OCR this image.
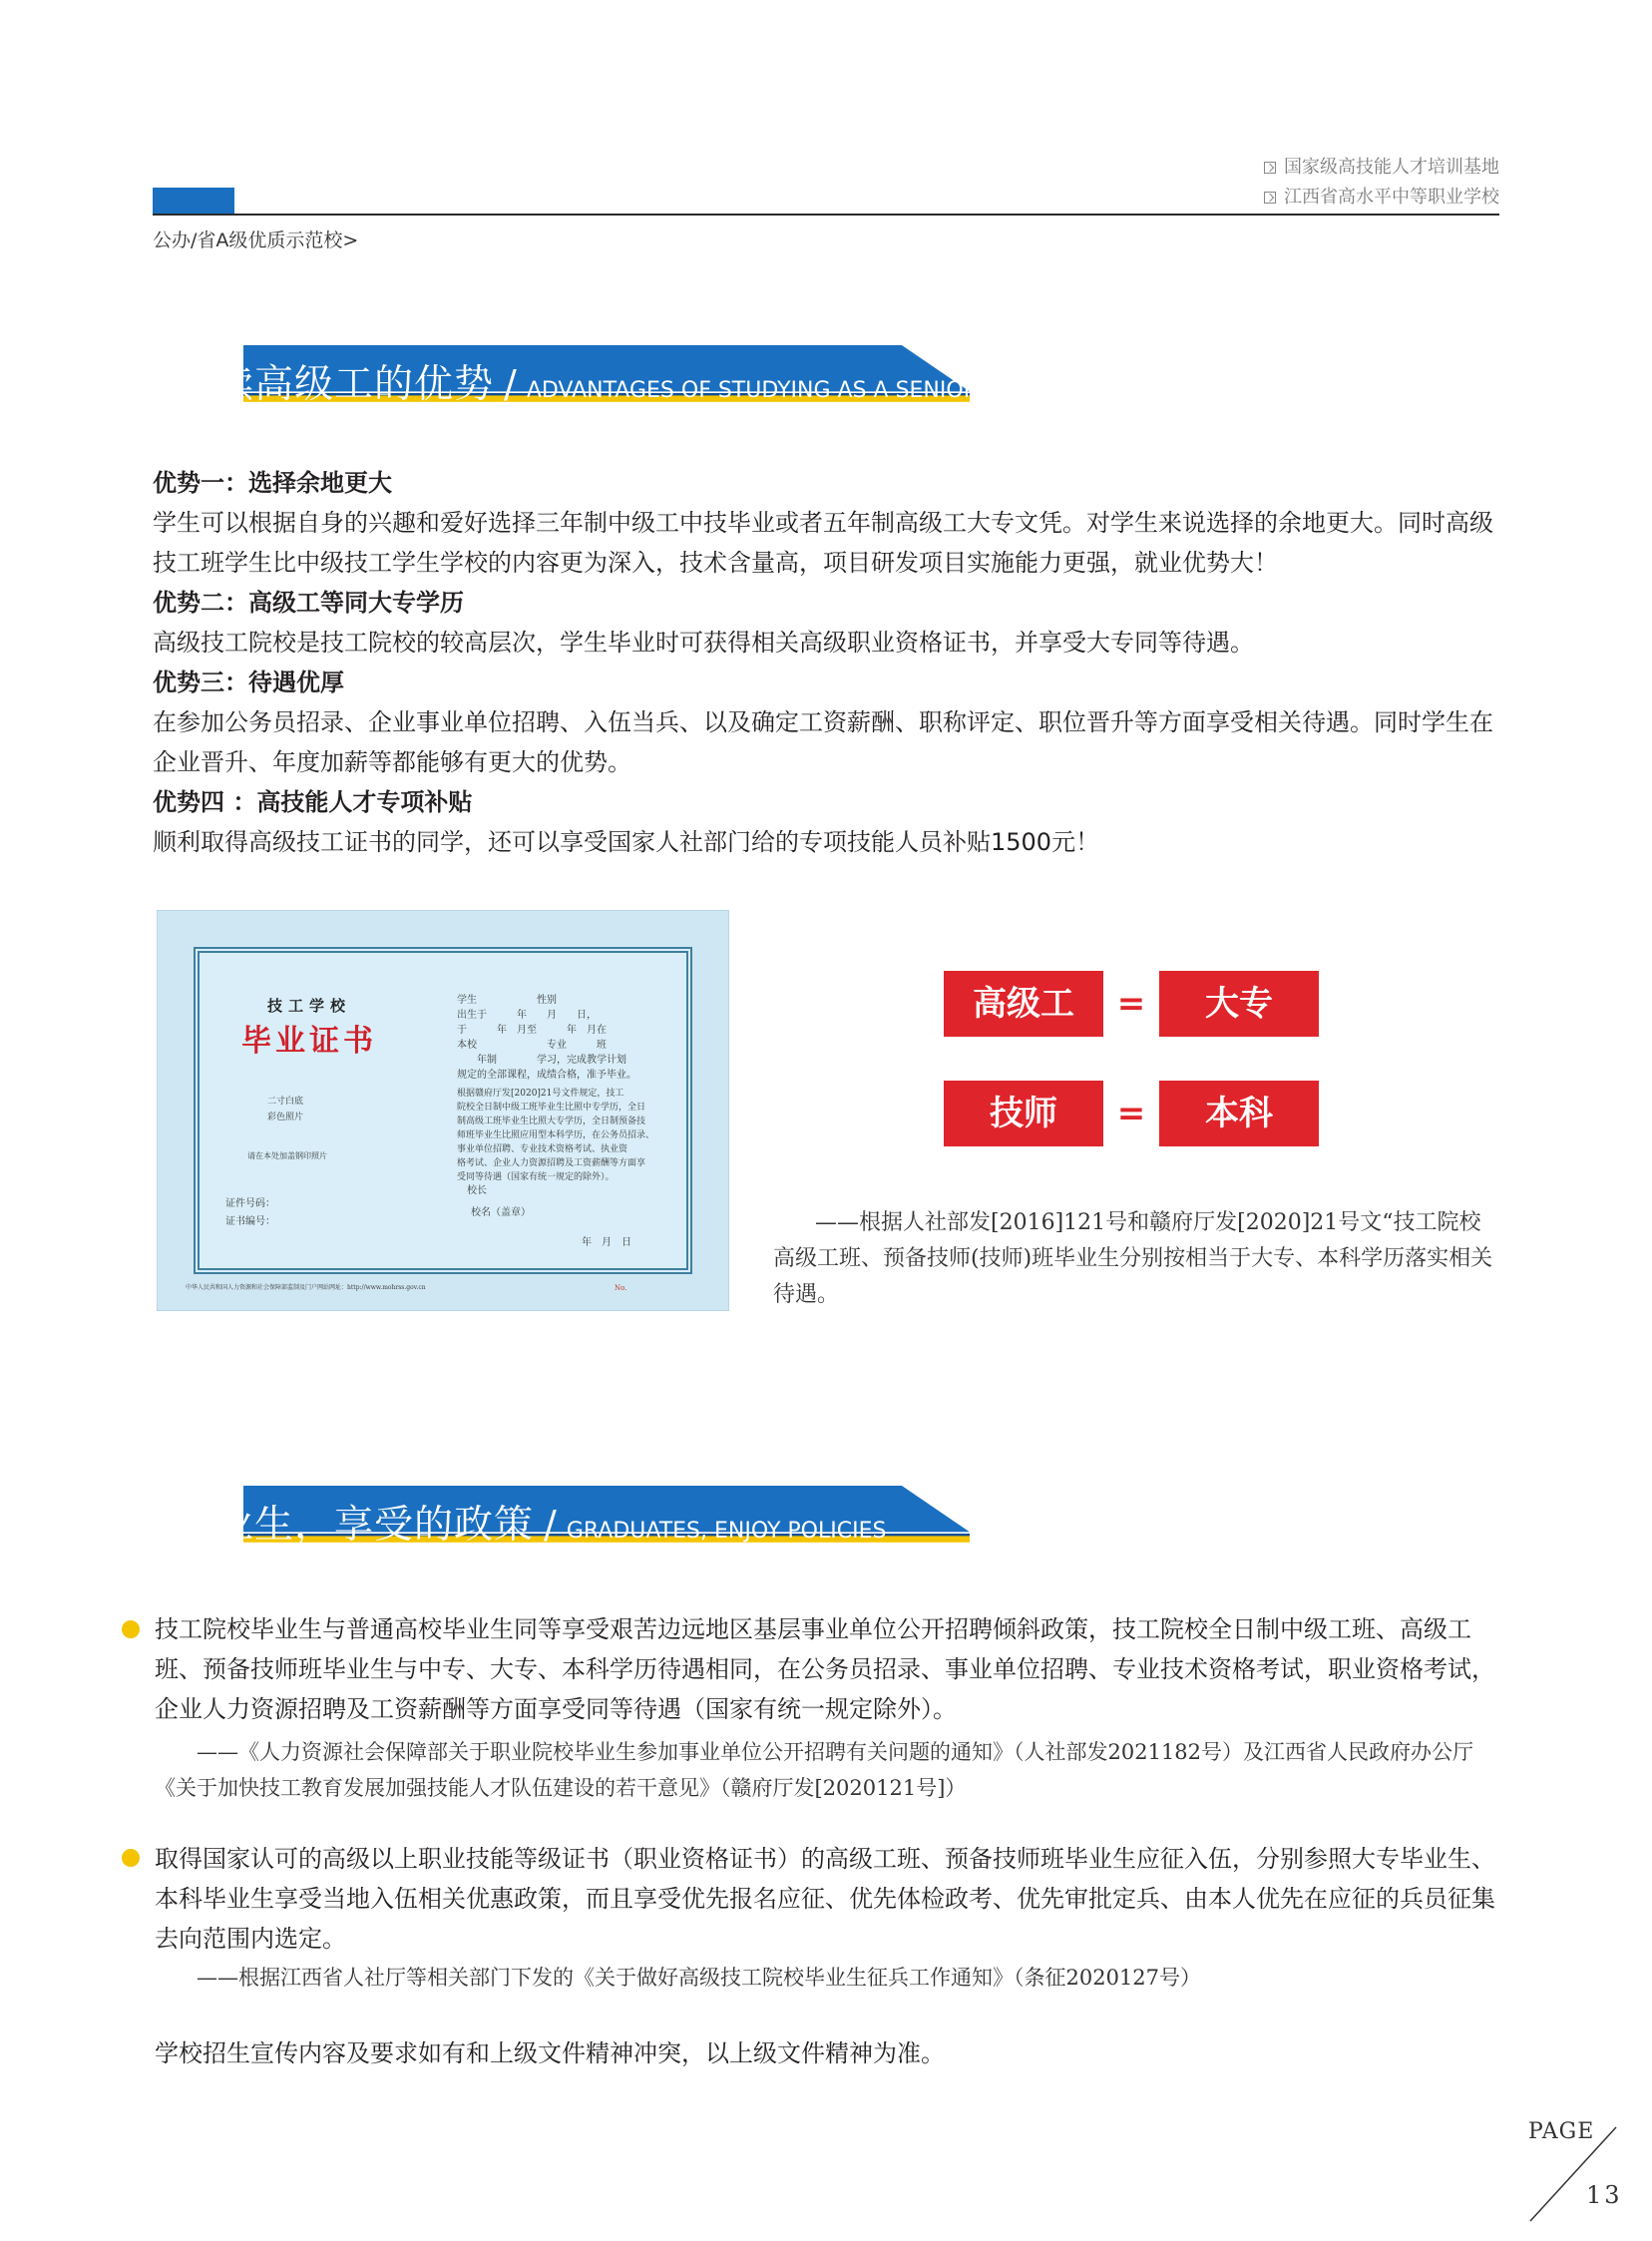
国家级高技能人才培训基地
江西省高水平中等职业学校
公办/省A级优质示范校>
就读高级工的优势 / ADVANTAGES OF STUDYING AS A SENIOR WORKER
优势一：选择余地更大
学生可以根据自身的兴趣和爱好选择三年制中级工中技毕业或者五年制高级工大专文凭。对学生来说选择的余地更大。同时高级技工班学生比中级技工学生学校的内容更为深入，技术含量高，项目研发项目实施能力更强，就业优势大！
优势二：高级工等同大专学历
高级技工院校是技工院校的较高层次，学生毕业时可获得相关高级职业资格证书，并享受大专同等待遇。
优势三：待遇优厚
在参加公务员招录、企业事业单位招聘、入伍当兵、以及确定工资薪酬、职称评定、职位晋升等方面享受相关待遇。同时学生在企业晋升、年度加薪等都能够有更大的优势。
优势四 ：高技能人才专项补贴
顺利取得高级技工证书的同学，还可以享受国家人社部门给的专项技能人员补贴1500元！
技工学校
毕业证书
学生　　　　　　性别
出生于　　　年　　月　　日，
于　　　年　月至　　　年　月在
本校　　　　　　　专业　　　班
　　年制　　　　学习，完成教学计划
规定的全部课程，成绩合格，准予毕业。
根据赣府厅发[2020]21号文件规定，技工
院校全日制中级工班毕业生比照中专学历，全日
制高级工班毕业生比照大专学历，全日制预备技
师班毕业生比照应用型本科学历，在公务员招录、
事业单位招聘、专业技术资格考试、执业资
格考试、企业人力资源招聘及工资薪酬等方面享
受同等待遇（国家有统一规定的除外）。
二寸白底
彩色照片
请在本处加盖钢印照片
校长
校名（盖章）
证件号码：
证书编号：
年　月　日
中华人民共和国人力资源和社会保障部监制及门户网站网址：http://www.mohrss.gov.cn	No.
高级工	=	大专
技师	=	本科
——根据人社部发[2016]121号和赣府厅发[2020]21号文“技工院校高级工班、预备技师(技师)班毕业生分别按相当于大专、本科学历落实相关待遇。
毕业生，享受的政策 / GRADUATES, ENJOY POLICIES
技工院校毕业生与普通高校毕业生同等享受艰苦边远地区基层事业单位公开招聘倾斜政策，技工院校全日制中级工班、高级工班、预备技师班毕业生与中专、大专、本科学历待遇相同，在公务员招录、事业单位招聘、专业技术资格考试，职业资格考试，企业人力资源招聘及工资薪酬等方面享受同等待遇（国家有统一规定除外）。
——《人力资源社会保障部关于职业院校毕业生参加事业单位公开招聘有关问题的通知》（人社部发2021182号）及江西省人民政府办公厅《关于加快技工教育发展加强技能人才队伍建设的若干意见》（赣府厅发[2020121号]）
取得国家认可的高级以上职业技能等级证书（职业资格证书）的高级工班、预备技师班毕业生应征入伍，分别参照大专毕业生、本科毕业生享受当地入伍相关优惠政策，而且享受优先报名应征、优先体检政考、优先审批定兵、由本人优先在应征的兵员征集去向范围内选定。
——根据江西省人社厅等相关部门下发的《关于做好高级技工院校毕业生征兵工作通知》（条征2020127号）
学校招生宣传内容及要求如有和上级文件精神冲突，以上级文件精神为准。
PAGE
13
